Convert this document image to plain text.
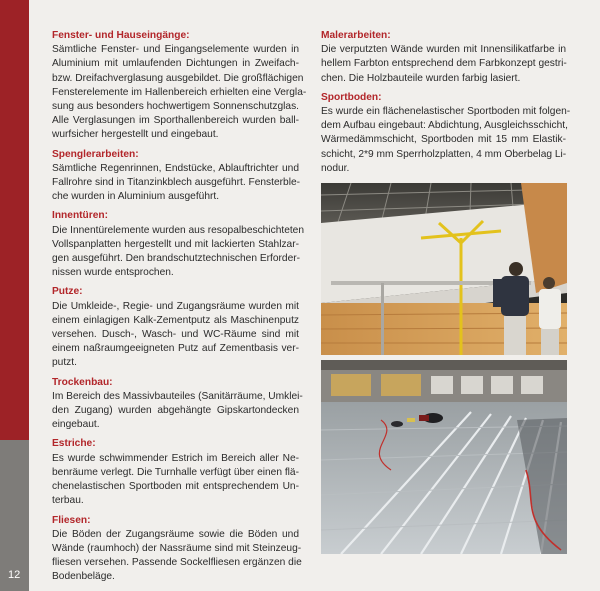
12

Fenster- und Hauseingänge:

Sämtliche Fenster- und Eingangselemente wurden in
Aluminium mit umlaufenden Dichtungen in Zweifach-
bzw. Dreifachverglasung ausgebildet. Die großflächigen
Fensterelemente im Hallenbereich erhielten eine Vergla-
sung aus besonders hochwertigem Sonnenschutzglas.
Alle Verglasungen im Sporthallenbereich wurden ball-
wurfsicher hergestellt und eingebaut.

Spenglerarbeiten:

Sämtliche Regenrinnen, Endstücke, Ablauftrichter und
Fallrohre sind in Titanzinkblech ausgeführt. Fensterble-
che wurden in Aluminium ausgeführt.

Innentüren:

Die Innentürelemente wurden aus resopalbeschichteten
Vollspanplatten hergestellt und mit lackierten Stahlzar-
gen ausgeführt. Den brandschutztechnischen Erforder-
nissen wurde entsprochen.

Putze:

Die Umkleide-, Regie- und Zugangsräume wurden mit
einem einlagigen Kalk-Zementputz als Maschinenputz
versehen. Dusch-, Wasch- und WC-Räume sind mit
einem naßraumgeeigneten Putz auf Zementbasis ver-
putzt.

Trockenbau:

Im Bereich des Massivbauteiles (Sanitärräume, Umklei-
den Zugang) wurden abgehängte Gipskartondecken
eingebaut.

Estriche:

Es wurde schwimmender Estrich im Bereich aller Ne-
benräume verlegt. Die Turnhalle verfügt über einen flä-
chenelastischen Sportboden mit entsprechendem Un-
terbau.

Fliesen:

Die Böden der Zugangsräume sowie die Böden und
Wände (raumhoch) der Nassräume sind mit Steinzeug-
fliesen versehen. Passende Sockelfliesen ergänzen die
Bodenbeläge.

Malerarbeiten:

Die verputzten Wände wurden mit Innensilikatfarbe in
hellem Farbton entsprechend dem Farbkonzept gestri-
chen. Die Holzbauteile wurden farbig lasiert.

Sportboden:

Es wurde ein flächenelastischer Sportboden mit folgen-
dem Aufbau eingebaut: Abdichtung, Ausgleichsschicht,
Wärmedämmschicht, Sportboden mit 15 mm Elastik-
schicht, 2*9 mm Sperrholzplatten, 4 mm Oberbelag Li-
nodur.
